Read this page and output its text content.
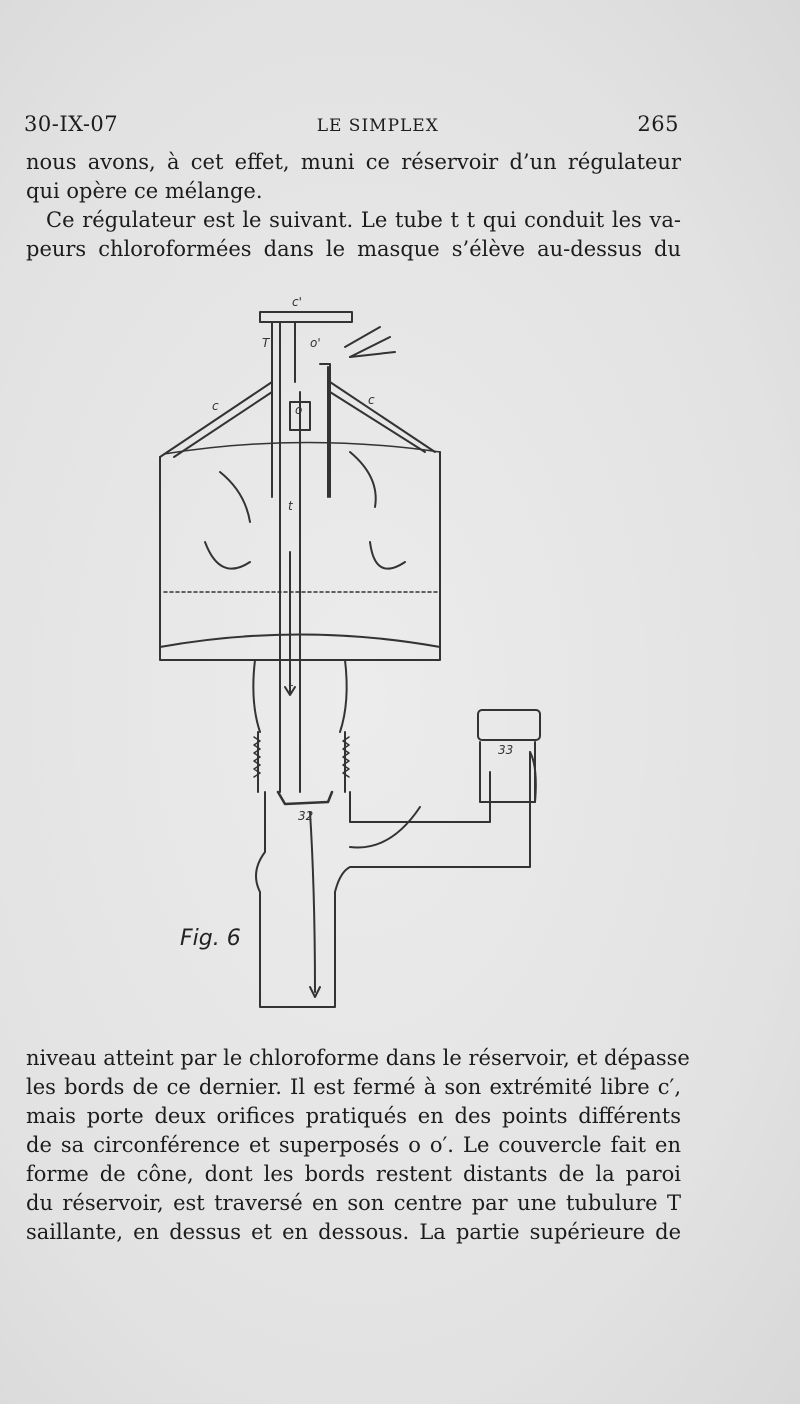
30-IX-07	LE SIMPLEX	265
nous avons, à cet effet, muni ce réservoir d’un régulateur
qui opère ce mélange.
Ce régulateur est le suivant. Le tube t t qui conduit les va-
peurs chloroformées dans le masque s’élève au-dessus du
c'
o'
T
c	c
o
t
t
32
33
Fig. 6
niveau atteint par le chloroforme dans le réservoir, et dépasse
les bords de ce dernier. Il est fermé à son extrémité libre c′,
mais porte deux orifices pratiqués en des points différents
de sa circonférence et superposés o o′. Le couvercle fait en
forme de cône, dont les bords restent distants de la paroi
du réservoir, est traversé en son centre par une tubulure T
saillante, en dessus et en dessous. La partie supérieure de
